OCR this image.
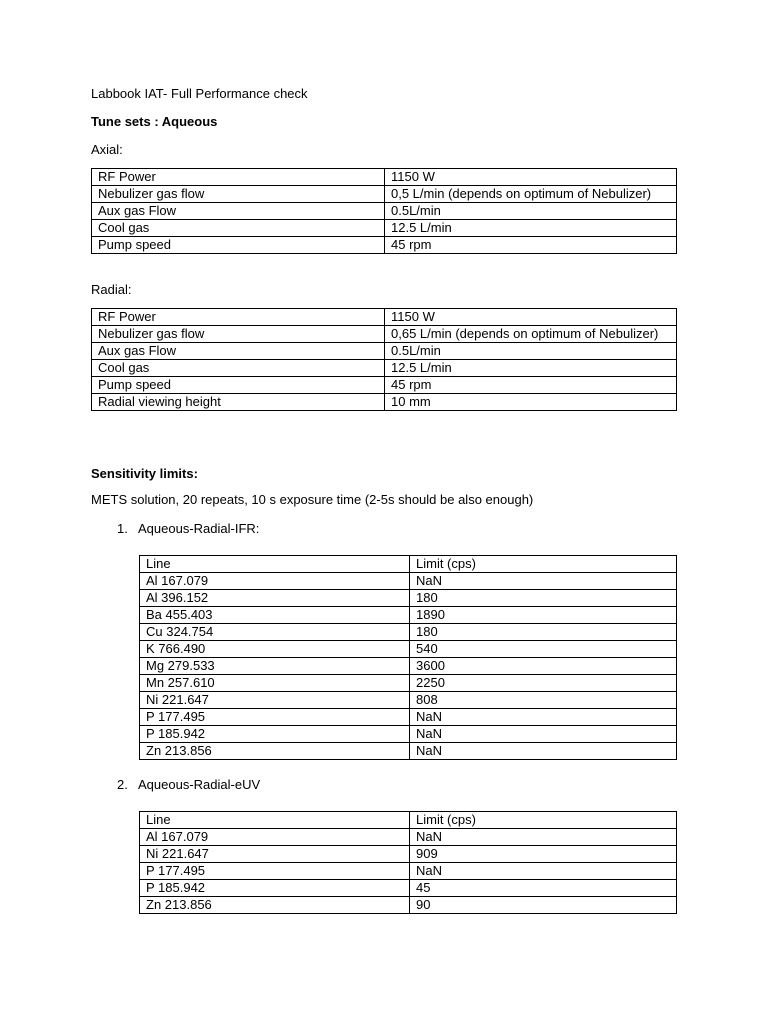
Labbook IAT- Full Performance check
Tune sets : Aqueous
Axial:
RF Power	1150 W
Nebulizer gas flow	0,5 L/min (depends on optimum of Nebulizer)
Aux gas Flow	0.5L/min
Cool gas	12.5 L/min
Pump speed	45 rpm
Radial:
RF Power	1150 W
Nebulizer gas flow	0,65 L/min (depends on optimum of Nebulizer)
Aux gas Flow	0.5L/min
Cool gas	12.5 L/min
Pump speed	45 rpm
Radial viewing height	10 mm
Sensitivity limits:
METS solution, 20 repeats, 10 s exposure time (2-5s should be also enough)
1. Aqueous-Radial-IFR:
Line	Limit (cps)
Al 167.079	NaN
Al 396.152	180
Ba 455.403	1890
Cu 324.754	180
K 766.490	540
Mg 279.533	3600
Mn 257.610	2250
Ni 221.647	808
P 177.495	NaN
P 185.942	NaN
Zn 213.856	NaN
2. Aqueous-Radial-eUV
Line	Limit (cps)
Al 167.079	NaN
Ni 221.647	909
P 177.495	NaN
P 185.942	45
Zn 213.856	90
